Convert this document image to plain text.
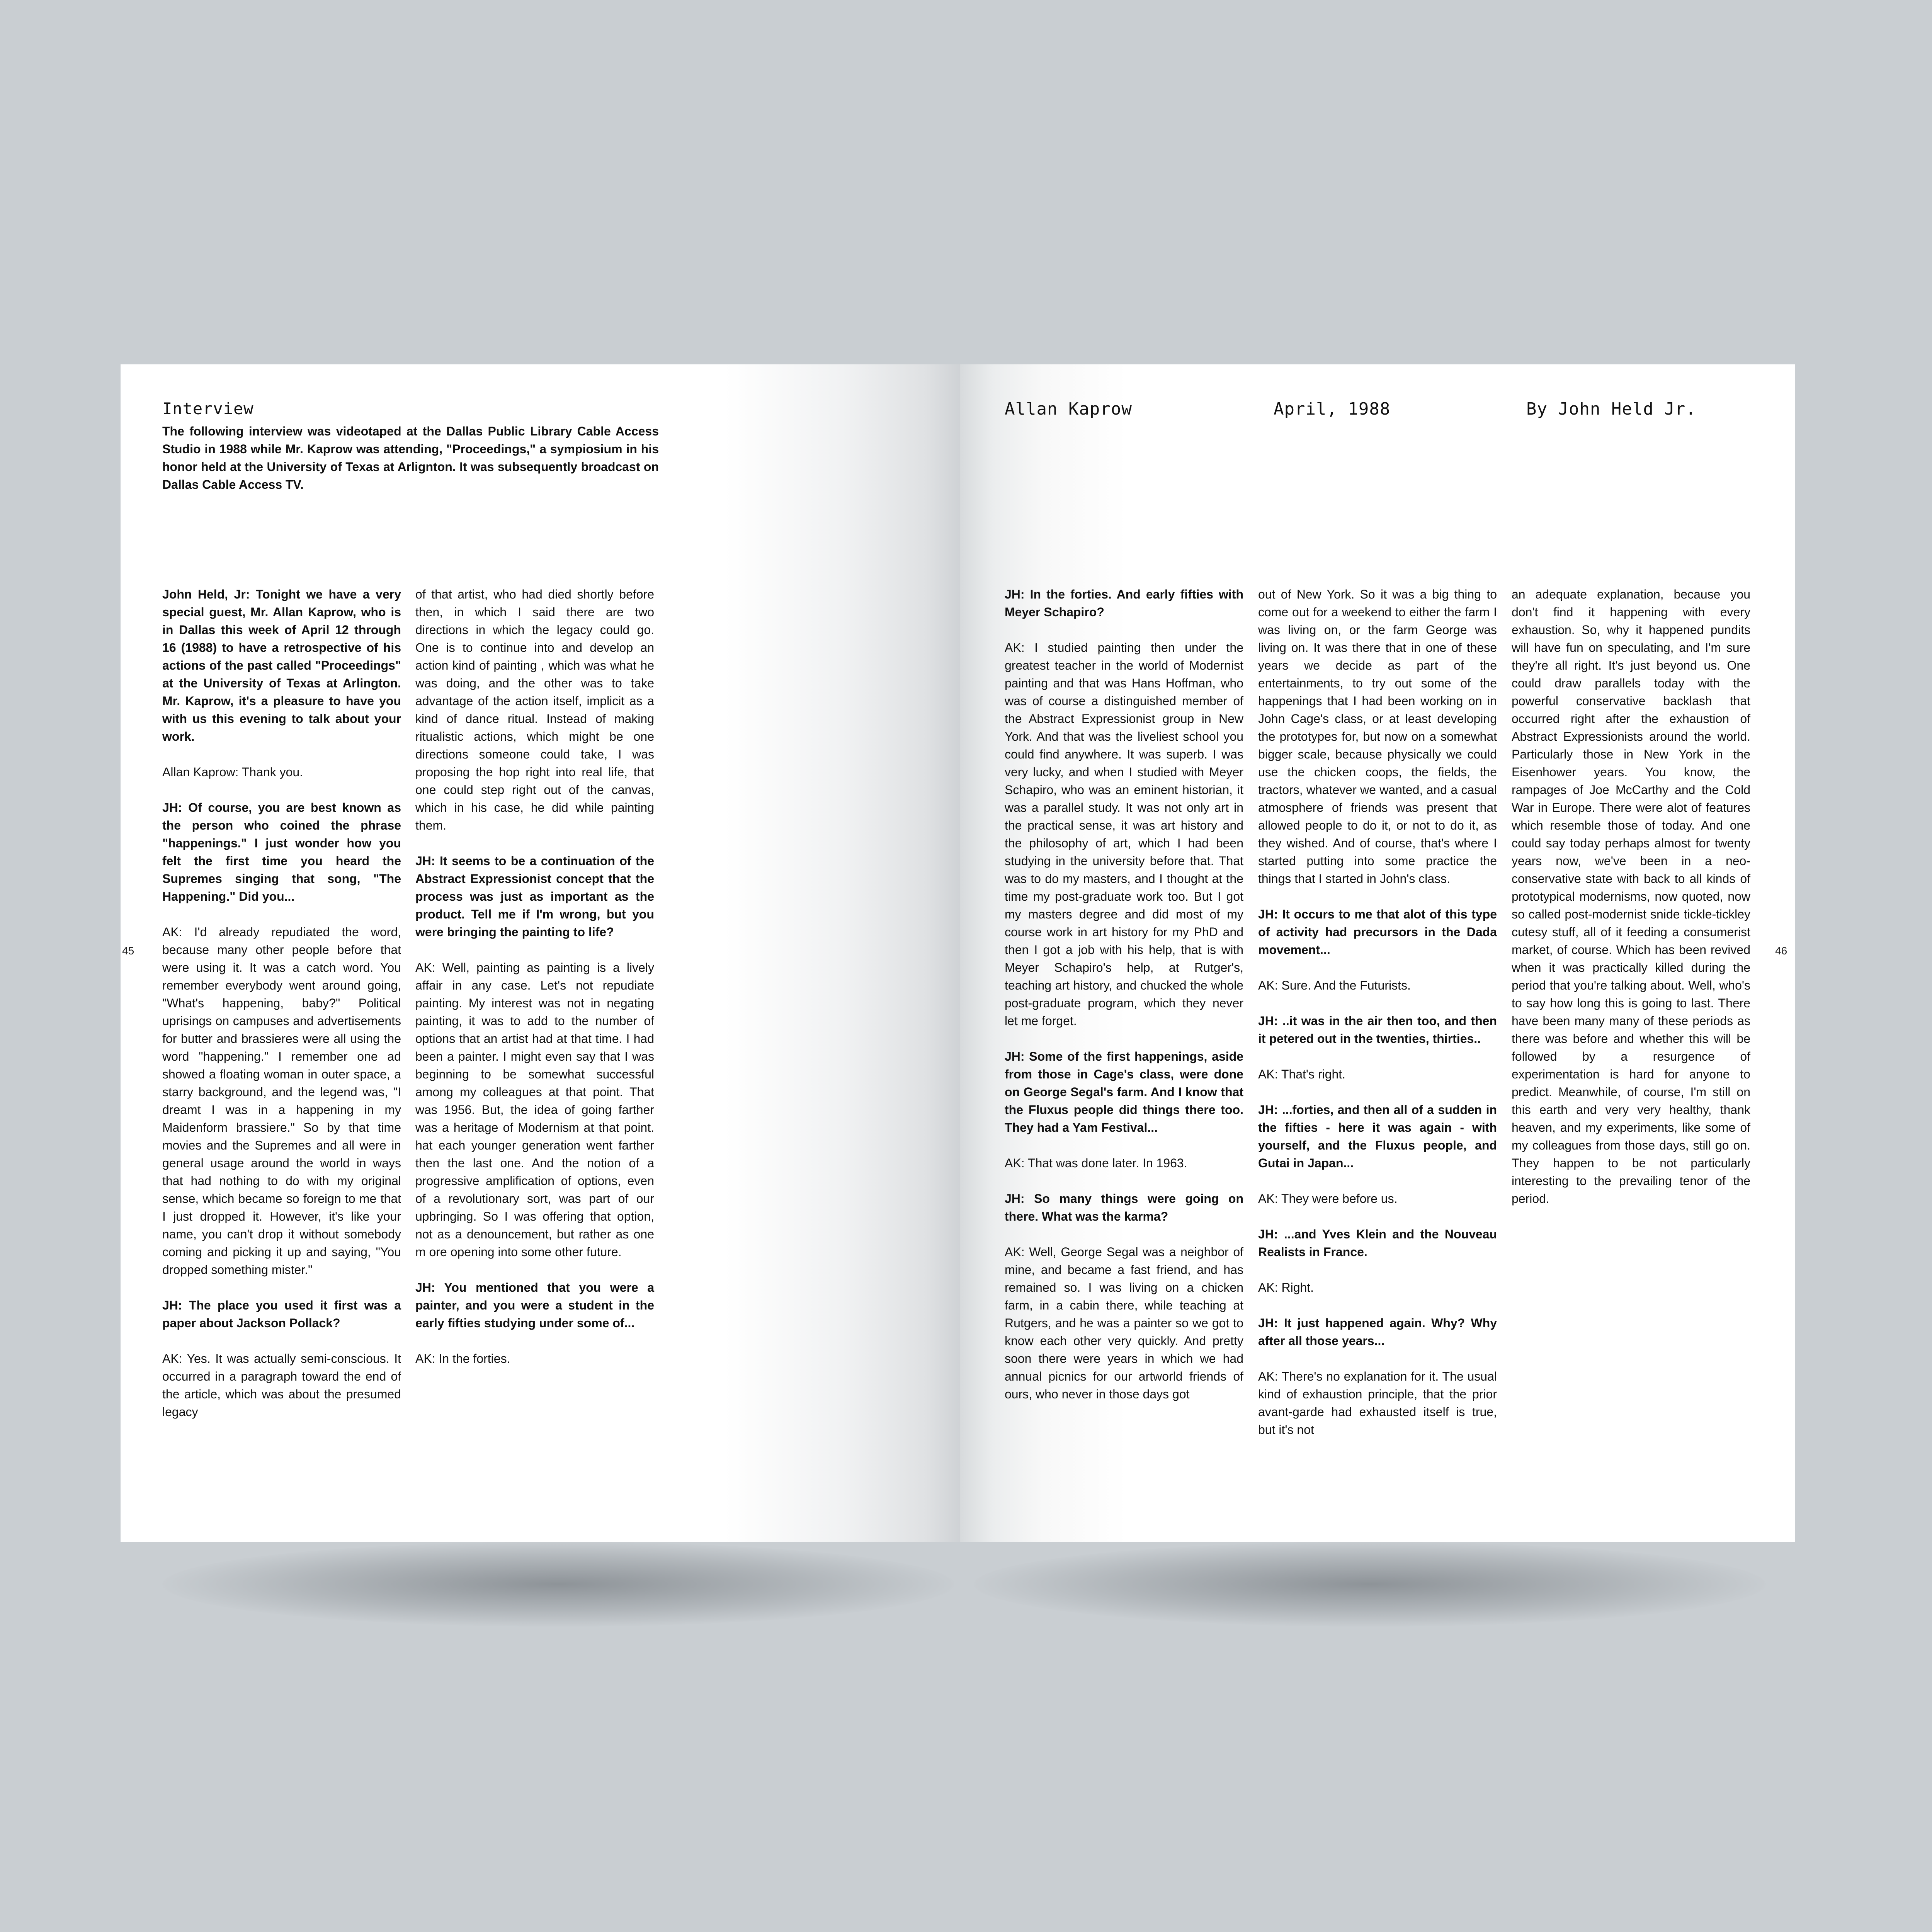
Interview

The following interview was videotaped at the Dallas Public Library Cable Access Studio in 1988 while Mr. Kaprow was attending, "Proceedings," a sympiosium in his honor held at the University of Texas at Arlignton. It was subsequently broadcast on Dallas Cable Access TV.

John Held, Jr: Tonight we have a very special guest, Mr. Allan Kaprow, who is in Dallas this week of April 12 through 16 (1988) to have a retrospective of his actions of the past called "Proceedings" at the University of Texas at Arlington. Mr. Kaprow, it's a pleasure to have you with us this evening to talk about your work.

Allan Kaprow: Thank you.

JH: Of course, you are best known as the person who coined the phrase "happenings." I just wonder how you felt the first time you heard the Supremes singing that song, "The Happening." Did you...

AK: I'd already repudiated the word, because many other people before that were using it. It was a catch word. You remember everybody went around going, "What's happening, baby?" Political uprisings on campuses and advertisements for butter and brassieres were all using the word "happening." I remember one ad showed a floating woman in outer space, a starry background, and the legend was, "I dreamt I was in a happening in my Maidenform brassiere." So by that time movies and the Supremes and all were in general usage around the world in ways that had nothing to do with my original sense, which became so foreign to me that I just dropped it. However, it's like your name, you can't drop it without somebody coming and picking it up and saying, "You dropped something mister."

JH: The place you used it first was a paper about Jackson Pollack?

AK: Yes. It was actually semi-conscious. It occurred in a paragraph toward the end of the article, which was about the presumed legacy

of that artist, who had died shortly before then, in which I said there are two directions in which the legacy could go. One is to continue into and develop an action kind of painting , which was what he was doing, and the other was to take advantage of the action itself, implicit as a kind of dance ritual. Instead of making ritualistic actions, which might be one directions someone could take, I was proposing the hop right into real life, that one could step right out of the canvas, which in his case, he did while painting them.

JH: It seems to be a continuation of the Abstract Expressionist concept that the process was just as important as the product. Tell me if I'm wrong, but you were bringing the painting to life?

AK: Well, painting as painting is a lively affair in any case. Let's not repudiate painting. My interest was not in negating painting, it was to add to the number of options that an artist had at that time. I had been a painter. I might even say that I was beginning to be somewhat successful among my colleagues at that point. That was 1956. But, the idea of going farther was a heritage of Modernism at that point. hat each younger generation went farther then the last one. And the notion of a progressive amplification of options, even of a revolutionary sort, was part of our upbringing. So I was offering that option, not as a denouncement, but rather as one m ore opening into some other future.

JH: You mentioned that you were a painter, and you were a student in the early fifties studying under some of...

AK: In the forties.

45
Allan Kaprow	April, 1988	By John Held Jr.

JH: In the forties. And early fifties with Meyer Schapiro?

AK: I studied painting then under the greatest teacher in the world of Modernist painting and that was Hans Hoffman, who was of course a distinguished member of the Abstract Expressionist group in New York. And that was the liveliest school you could find anywhere. It was superb. I was very lucky, and when I studied with Meyer Schapiro, who was an eminent historian, it was a parallel study. It was not only art in the practical sense, it was art history and the philosophy of art, which I had been studying in the university before that. That was to do my masters, and I thought at the time my post-graduate work too. But I got my masters degree and did most of my course work in art history for my PhD and then I got a job with his help, that is with Meyer Schapiro's help, at Rutger's, teaching art history, and chucked the whole post-graduate program, which they never let me forget.

JH: Some of the first happenings, aside from those in Cage's class, were done on George Segal's farm. And I know that the Fluxus people did things there too. They had a Yam Festival...

AK: That was done later. In 1963.

JH: So many things were going on there. What was the karma?

AK: Well, George Segal was a neighbor of mine, and became a fast friend, and has remained so. I was living on a chicken farm, in a cabin there, while teaching at Rutgers, and he was a painter so we got to know each other very quickly. And pretty soon there were years in which we had annual picnics for our artworld friends of ours, who never in those days got

out of New York. So it was a big thing to come out for a weekend to either the farm I was living on, or the farm George was living on. It was there that in one of these years we decide as part of the entertainments, to try out some of the happenings that I had been working on in John Cage's class, or at least developing the prototypes for, but now on a somewhat bigger scale, because physically we could use the chicken coops, the fields, the tractors, whatever we wanted, and a casual atmosphere of friends was present that allowed people to do it, or not to do it, as they wished. And of course, that's where I started putting into some practice the things that I started in John's class.

JH: It occurs to me that alot of this type of activity had precursors in the Dada movement...

AK: Sure. And the Futurists.

JH: ..it was in the air then too, and then it petered out in the twenties, thirties..

AK: That's right.

JH: ...forties, and then all of a sudden in the fifties - here it was again - with yourself, and the Fluxus people, and Gutai in Japan...

AK: They were before us.

JH: ...and Yves Klein and the Nouveau Realists in France.

AK: Right.

JH: It just happened again. Why? Why after all those years...

AK: There's no explanation for it. The usual kind of exhaustion principle, that the prior avant-garde had exhausted itself is true, but it's not

an adequate explanation, because you don't find it happening with every exhaustion. So, why it happened pundits will have fun on speculating, and I'm sure they're all right. It's just beyond us. One could draw parallels today with the powerful conservative backlash that occurred right after the exhaustion of Abstract Expressionists around the world. Particularly those in New York in the Eisenhower years. You know, the rampages of Joe McCarthy and the Cold War in Europe. There were alot of features which resemble those of today. And one could say today perhaps almost for twenty years now, we've been in a neo-conservative state with back to all kinds of prototypical modernisms, now quoted, now so called post-modernist snide tickle-tickley cutesy stuff, all of it feeding a consumerist market, of course. Which has been revived when it was practically killed during the period that you're talking about. Well, who's to say how long this is going to last. There have been many many of these periods as there was before and whether this will be followed by a resurgence of experimentation is hard for anyone to predict. Meanwhile, of course, I'm still on this earth and very very healthy, thank heaven, and my experiments, like some of my colleagues from those days, still go on. They happen to be not particularly interesting to the prevailing tenor of the period.

46
